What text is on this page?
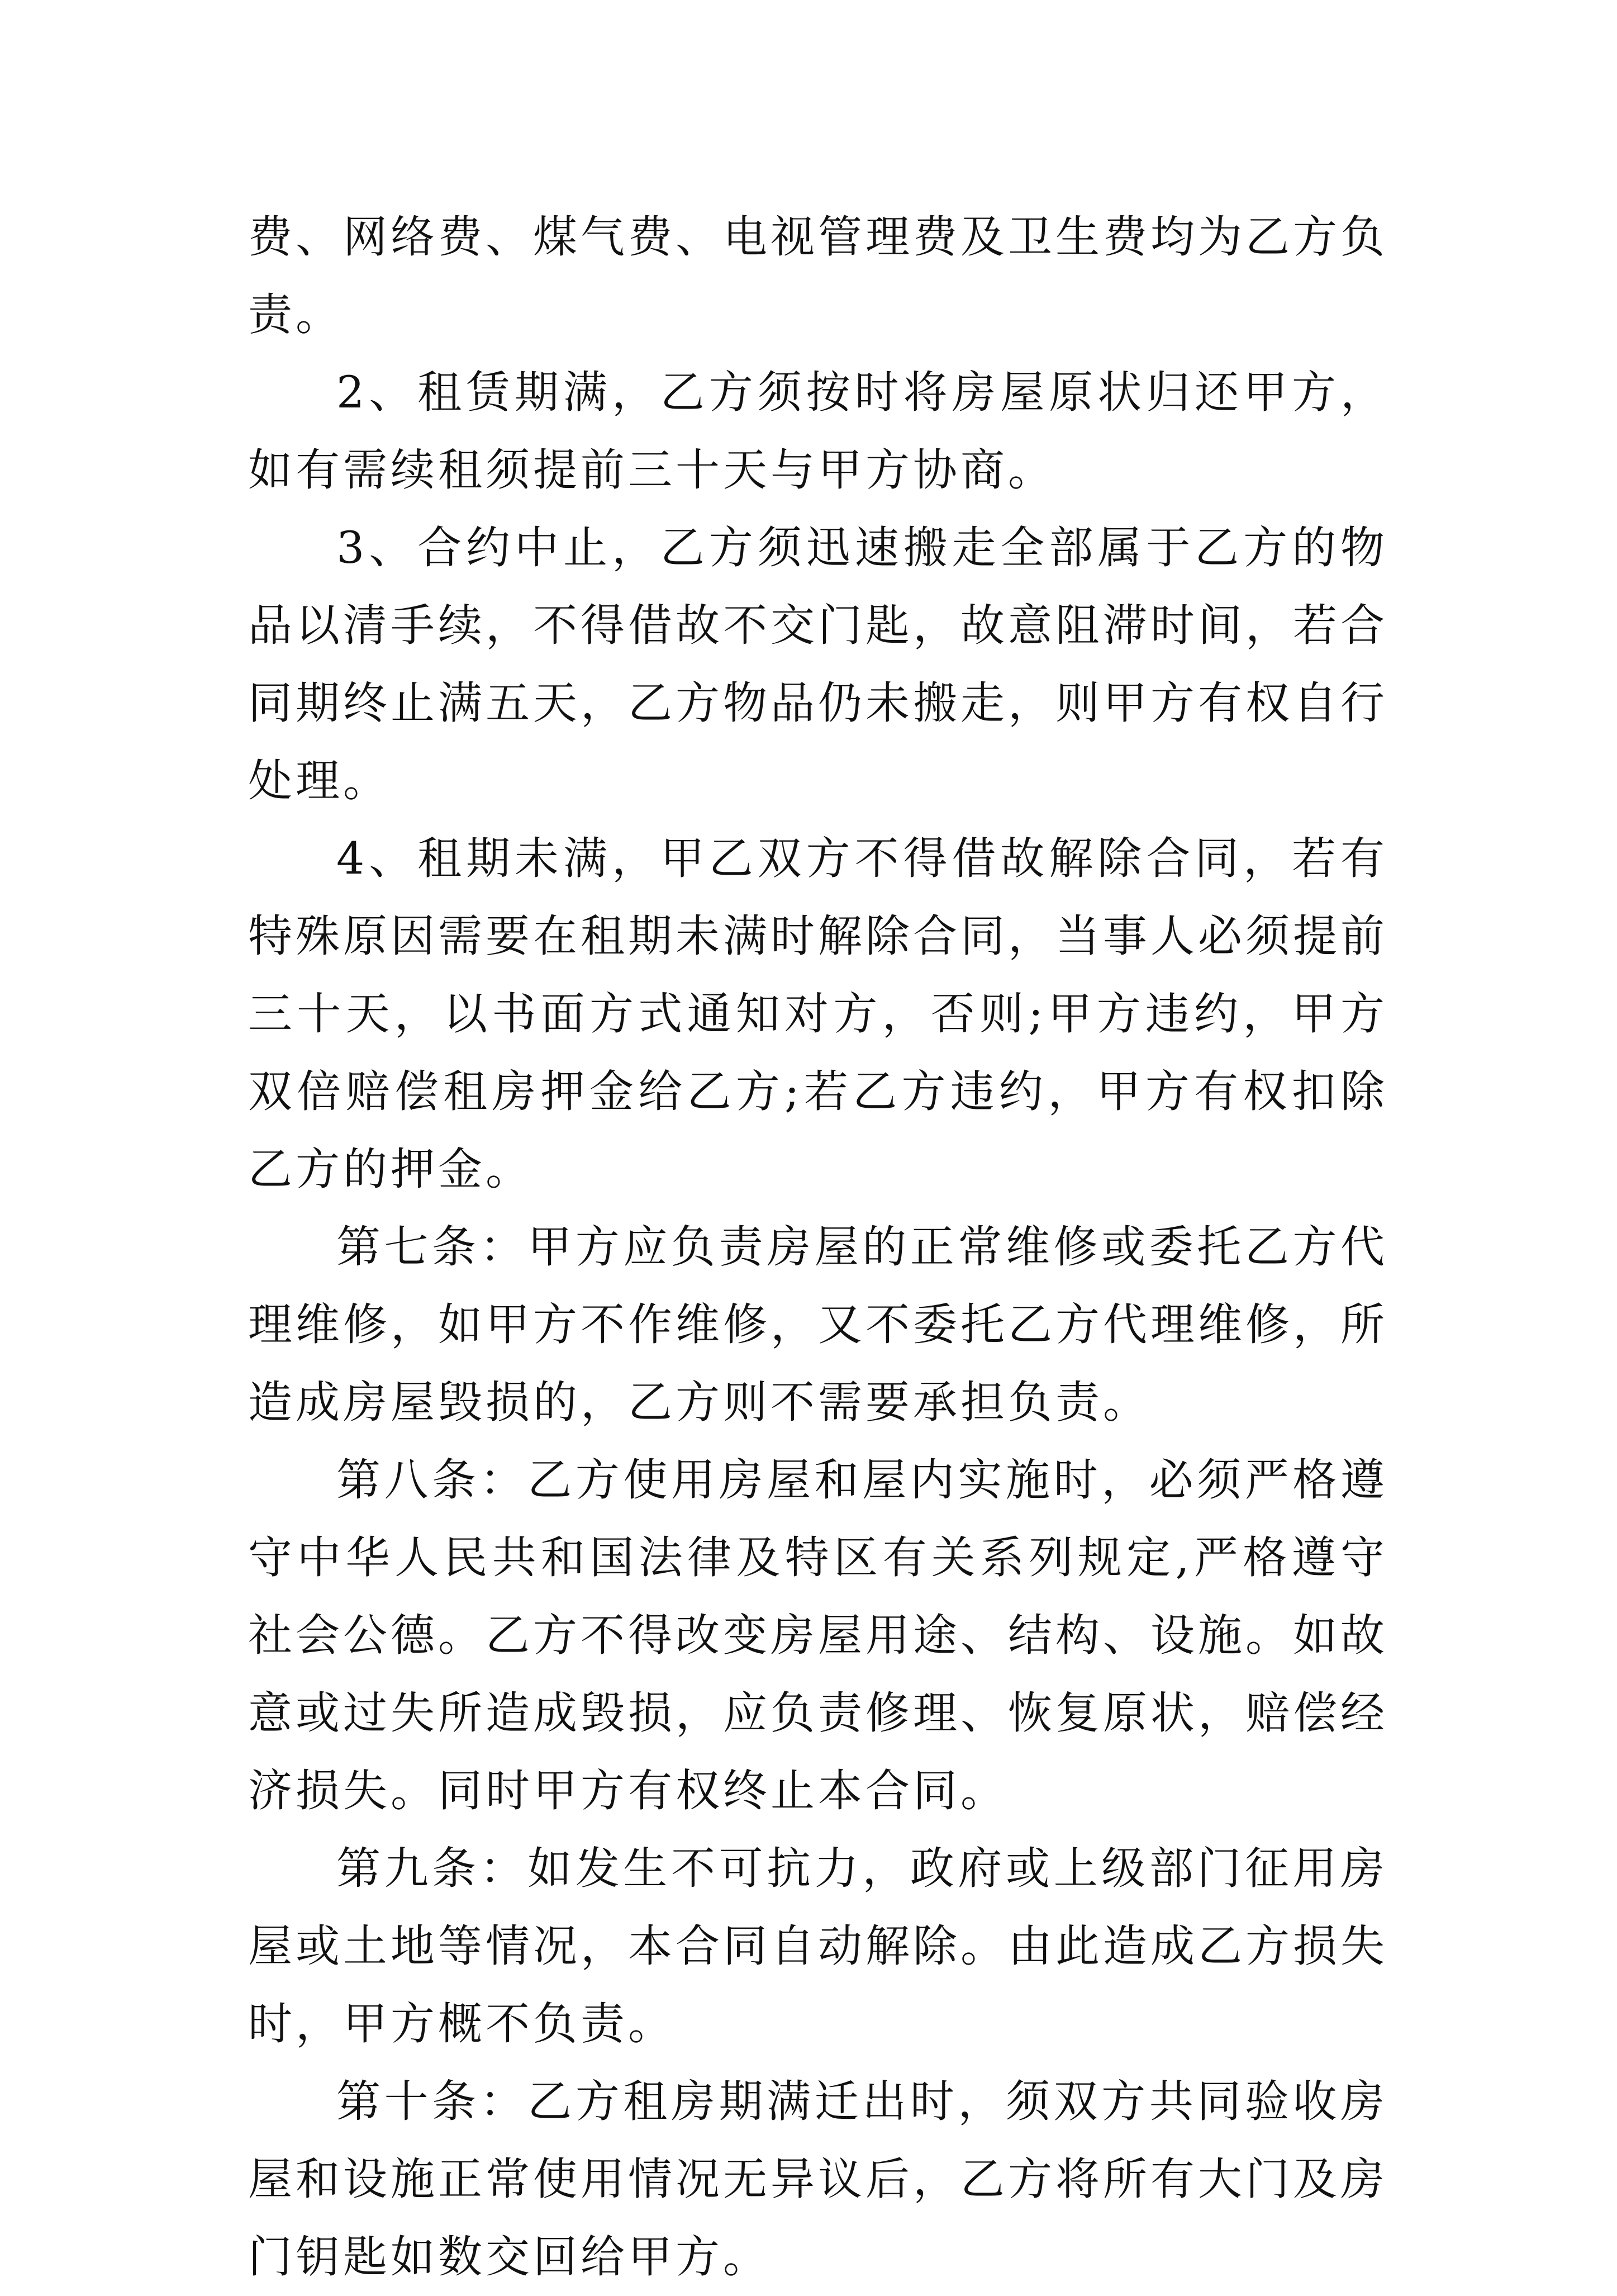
费、网络费、煤气费、电视管理费及卫生费均为乙方负责。

2、租赁期满，乙方须按时将房屋原状归还甲方，如有需续租须提前三十天与甲方协商。

3、合约中止，乙方须迅速搬走全部属于乙方的物品以清手续，不得借故不交门匙，故意阻滞时间，若合同期终止满五天，乙方物品仍未搬走，则甲方有权自行处理。

4、租期未满，甲乙双方不得借故解除合同，若有特殊原因需要在租期未满时解除合同，当事人必须提前三十天，以书面方式通知对方，否则;甲方违约，甲方双倍赔偿租房押金给乙方;若乙方违约，甲方有权扣除乙方的押金。

第七条：甲方应负责房屋的正常维修或委托乙方代理维修，如甲方不作维修，又不委托乙方代理维修，所造成房屋毁损的，乙方则不需要承担负责。

第八条：乙方使用房屋和屋内实施时，必须严格遵守中华人民共和国法律及特区有关系列规定,严格遵守社会公德。乙方不得改变房屋用途、结构、设施。如故意或过失所造成毁损，应负责修理、恢复原状，赔偿经济损失。同时甲方有权终止本合同。

第九条：如发生不可抗力，政府或上级部门征用房屋或土地等情况，本合同自动解除。由此造成乙方损失时，甲方概不负责。

第十条：乙方租房期满迁出时，须双方共同验收房屋和设施正常使用情况无异议后，乙方将所有大门及房门钥匙如数交回给甲方。
